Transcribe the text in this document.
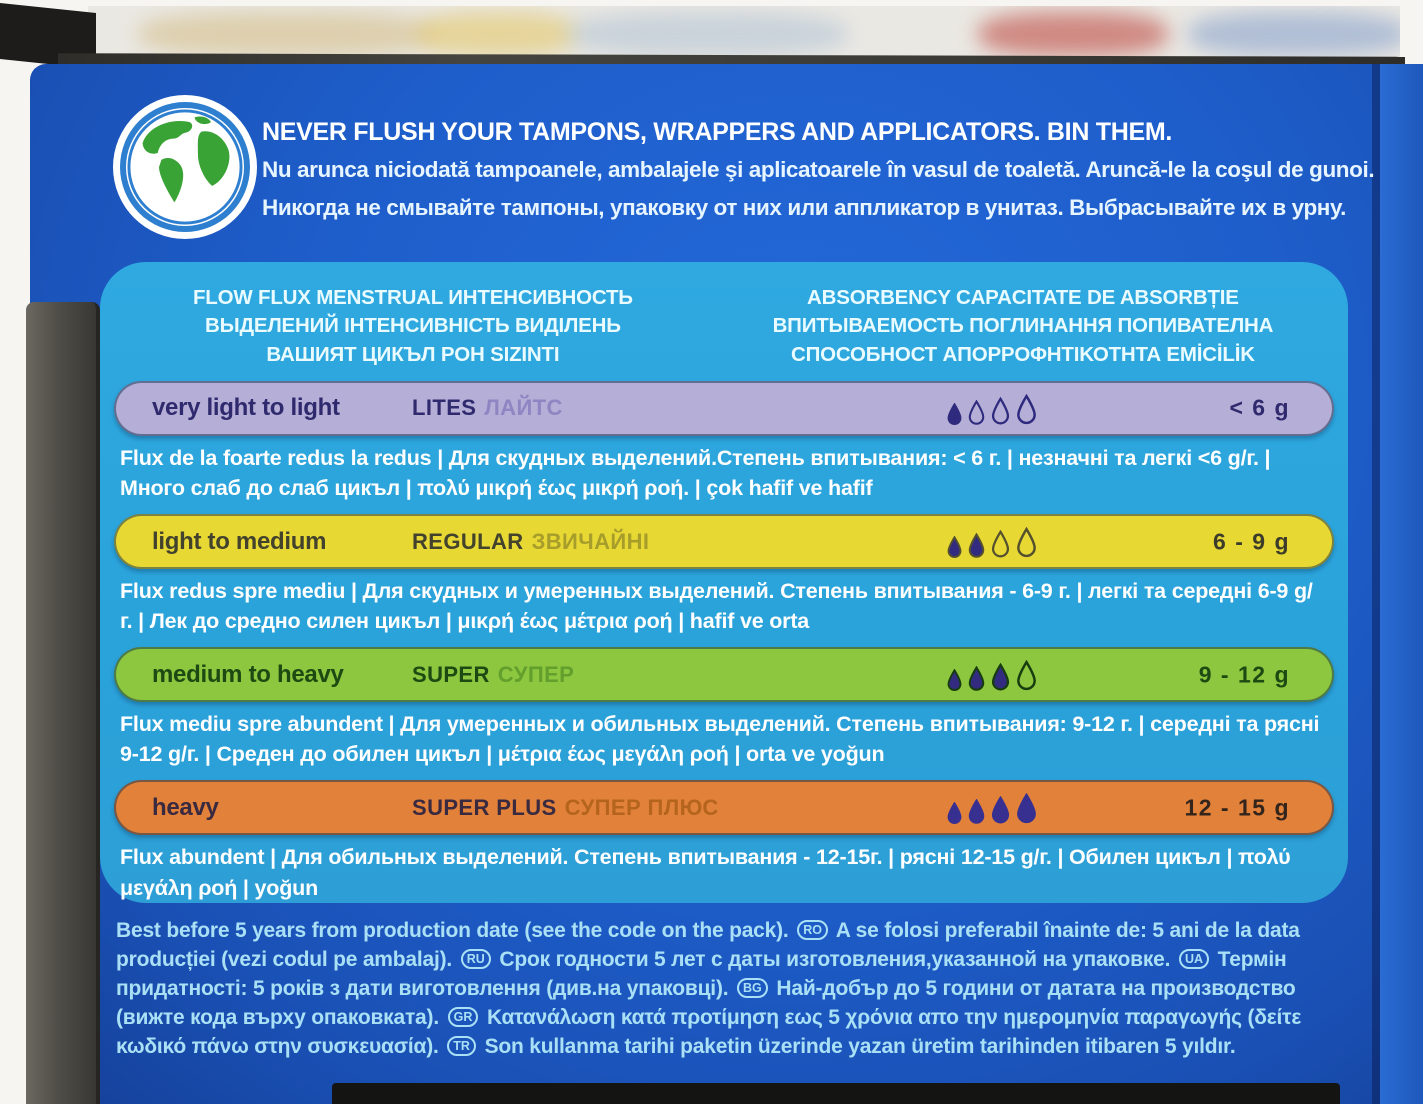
NEVER FLUSH YOUR TAMPONS, WRAPPERS AND APPLICATORS. BIN THEM.
Nu arunca niciodată tampoanele, ambalajele şi aplicatoarele în vasul de toaletă. Aruncă-le la coşul de gunoi.
Никогда не смывайте тампоны, упаковку от них или аппликатор в унитаз. Выбрасывайте их в урну.
FLOW FLUX MENSTRUAL ИНТЕНСИВНОСТЬ ВЫДЕЛЕНИЙ ІНТЕНСИВНІСТЬ ВИДІЛЕНЬ ВАШИЯТ ЦИКЪЛ ΡΟΗ SIZINTI
ABSORBENCY CAPACITATE DE ABSORBȚIE ВПИТЫВАЕМОСТЬ ПОГЛИНАННЯ ПОПИВАТЕЛНА СПОСОБНОСТ ΑΠΟΡΡΟΦΗΤΙΚΟΤΗΤΑ EMİCİLİK
very light to light	LITES ЛАЙТС	< 6 g

Flux de la foarte redus la redus | Для скудных выделений.Степень впитывания: < 6 г. | незначні та легкі <6 g/г. | Много слаб до слаб цикъл | πολύ μικρή έως μικρή ροή. | çok hafif ve hafif

light to medium	REGULAR ЗВИЧАЙНІ	6 - 9 g

Flux redus spre mediu | Для скудных и умеренных выделений. Степень впитывания - 6-9 г. | легкі та середні 6-9 g/г. | Лек до средно силен цикъл | μικρή έως μέτρια ροή | hafif ve orta

medium to heavy	SUPER СУПЕР	9 - 12 g

Flux mediu spre abundent | Для умеренных и обильных выделений. Степень впитывания: 9-12 г. | середні та рясні 9-12 g/г. | Среден до обилен цикъл | μέτρια έως μεγάλη ροή | orta ve yoğun

heavy	SUPER PLUS СУПЕР ПЛЮС	12 - 15 g

Flux abundent | Для обильных выделений. Степень впитывания - 12-15г. | рясні 12-15 g/г. | Обилен цикъл | πολύ μεγάλη ροή | yoğun

Best before 5 years from production date (see the code on the pack). RO A se folosi preferabil înainte de: 5 ani de la data producției (vezi codul pe ambalaj). RU Срок годности 5 лет с даты изготовления,указанной на упаковке. UA Термін придатності: 5 років з дати виготовлення (див.на упаковці). BG Най-добър до 5 години от датата на производство (вижте кода върху опаковката). GR Κατανάλωση κατά προτίμηση εως 5 χρόνια απο την ημερομηνία παραγωγής (δείτε κωδικό πάνω στην συσκευασία). TR Son kullanma tarihi paketin üzerinde yazan üretim tarihinden itibaren 5 yıldır.
